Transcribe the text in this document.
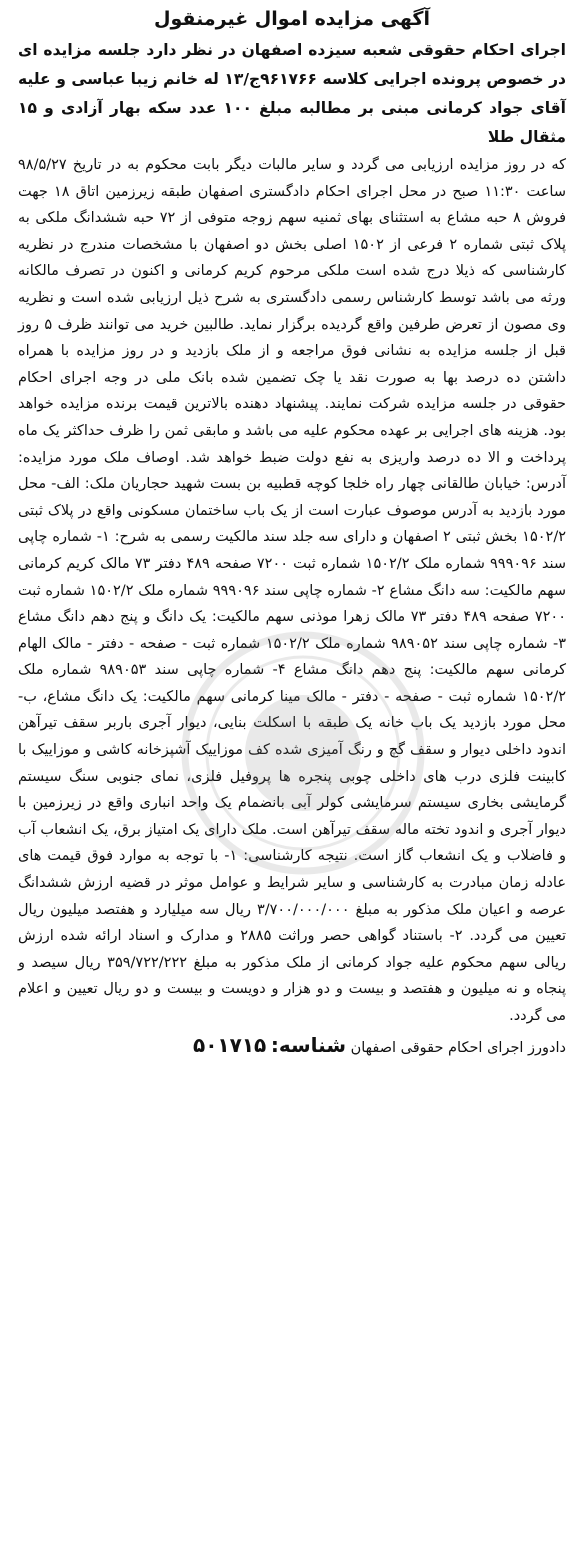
آگهی مزایده اموال غیرمنقول

اجرای احکام حقوقی شعبه سیزده اصفهان در نظر دارد جلسه مزایده ای در خصوص پرونده اجرایی کلاسه ۹۶۱۷۶۶ج/۱۳ له خانم زیبا عباسی و علیه آقای جواد کرمانی مبنی بر مطالبه مبلغ ۱۰۰ عدد سکه بهار آزادی و ۱۵ مثقال طلا

که در روز مزایده ارزیابی می گردد و سایر مالبات دیگر بابت محکوم به در تاریخ ۹۸/۵/۲۷ ساعت ۱۱:۳۰ صبح در محل اجرای احکام دادگستری اصفهان طبقه زیرزمین اتاق ۱۸ جهت فروش ۸ حبه مشاع به استثنای بهای ثمنیه سهم زوجه متوفی از ۷۲ حبه ششدانگ ملکی به پلاک ثبتی شماره ۲ فرعی از ۱۵۰۲ اصلی بخش دو اصفهان با مشخصات مندرج در نظریه کارشناسی که ذیلا درج شده است ملکی مرحوم کریم کرمانی و اکنون در تصرف مالکانه ورثه می باشد توسط کارشناس رسمی دادگستری به شرح ذیل ارزیابی شده است و نظریه وی مصون از تعرض طرفین واقع گردیده برگزار نماید. طالبین خرید می توانند ظرف ۵ روز قبل از جلسه مزایده به نشانی فوق مراجعه و از ملک بازدید و در روز مزایده با همراه داشتن ده درصد بها به صورت نقد یا چک تضمین شده بانک ملی در وجه اجرای احکام حقوقی در جلسه مزایده شرکت نمایند. پیشنهاد دهنده بالاترین قیمت برنده مزایده خواهد بود. هزینه های اجرایی بر عهده محکوم علیه می باشد و مابقی ثمن را ظرف حداکثر یک ماه پرداخت و الا ده درصد واریزی به نفع دولت ضبط خواهد شد. اوصاف ملک مورد مزایده: آدرس: خیابان طالقانی چهار راه خلجا کوچه قطبیه بن بست شهید حجاریان ملک: الف- محل مورد بازدید به آدرس موصوف عبارت است از یک باب ساختمان مسکونی واقع در پلاک ثبتی ۱۵۰۲/۲ بخش ثبتی ۲ اصفهان و دارای سه جلد سند مالکیت رسمی به شرح: ۱- شماره چاپی سند ۹۹۹۰۹۶ شماره ملک ۱۵۰۲/۲ شماره ثبت ۷۲۰۰ صفحه ۴۸۹ دفتر ۷۳ مالک کریم کرمانی سهم مالکیت: سه دانگ مشاع ۲- شماره چاپی سند ۹۹۹۰۹۶ شماره ملک ۱۵۰۲/۲ شماره ثبت ۷۲۰۰ صفحه ۴۸۹ دفتر ۷۳ مالک زهرا موذنی سهم مالکیت: یک دانگ و پنج دهم دانگ مشاع ۳- شماره چاپی سند ۹۸۹۰۵۲ شماره ملک ۱۵۰۲/۲ شماره ثبت - صفحه - دفتر - مالک الهام کرمانی سهم مالکیت: پنج دهم دانگ مشاع ۴- شماره چاپی سند ۹۸۹۰۵۳ شماره ملک ۱۵۰۲/۲ شماره ثبت - صفحه - دفتر - مالک مینا کرمانی سهم مالکیت: یک دانگ مشاع، ب- محل مورد بازدید یک باب خانه یک طبقه با اسکلت بنایی، دیوار آجری باربر سقف تیرآهن اندود داخلی دیوار و سقف گچ و رنگ آمیزی شده کف موزاییک آشپزخانه کاشی و موزاییک با کابینت فلزی درب های داخلی چوبی پنجره ها پروفیل فلزی، نمای جنوبی سنگ سیستم گرمایشی بخاری سیستم سرمایشی کولر آبی بانضمام یک واحد انباری واقع در زیرزمین با دیوار آجری و اندود تخته ماله سقف تیرآهن است. ملک دارای یک امتیاز برق، یک انشعاب آب و فاضلاب و یک انشعاب گاز است. نتیجه کارشناسی: ۱- با توجه به موارد فوق قیمت های عادله زمان مبادرت به کارشناسی و سایر شرایط و عوامل موثر در قضیه ارزش ششدانگ عرصه و اعیان ملک مذکور به مبلغ ۳/۷۰۰/۰۰۰/۰۰۰ ریال سه میلیارد و هفتصد میلیون ریال تعیین می گردد. ۲- باستناد گواهی حصر وراثت ۲۸۸۵ و مدارک و اسناد ارائه شده ارزش ریالی سهم محکوم علیه جواد کرمانی از ملک مذکور به مبلغ ۳۵۹/۷۲۲/۲۲۲ ریال سیصد و پنجاه و نه میلیون و هفتصد و بیست و دو هزار و دویست و بیست و دو ریال تعیین و اعلام می گردد.

دادورز اجرای احکام حقوقی اصفهان شناسه: ۵۰۱۷۱۵
